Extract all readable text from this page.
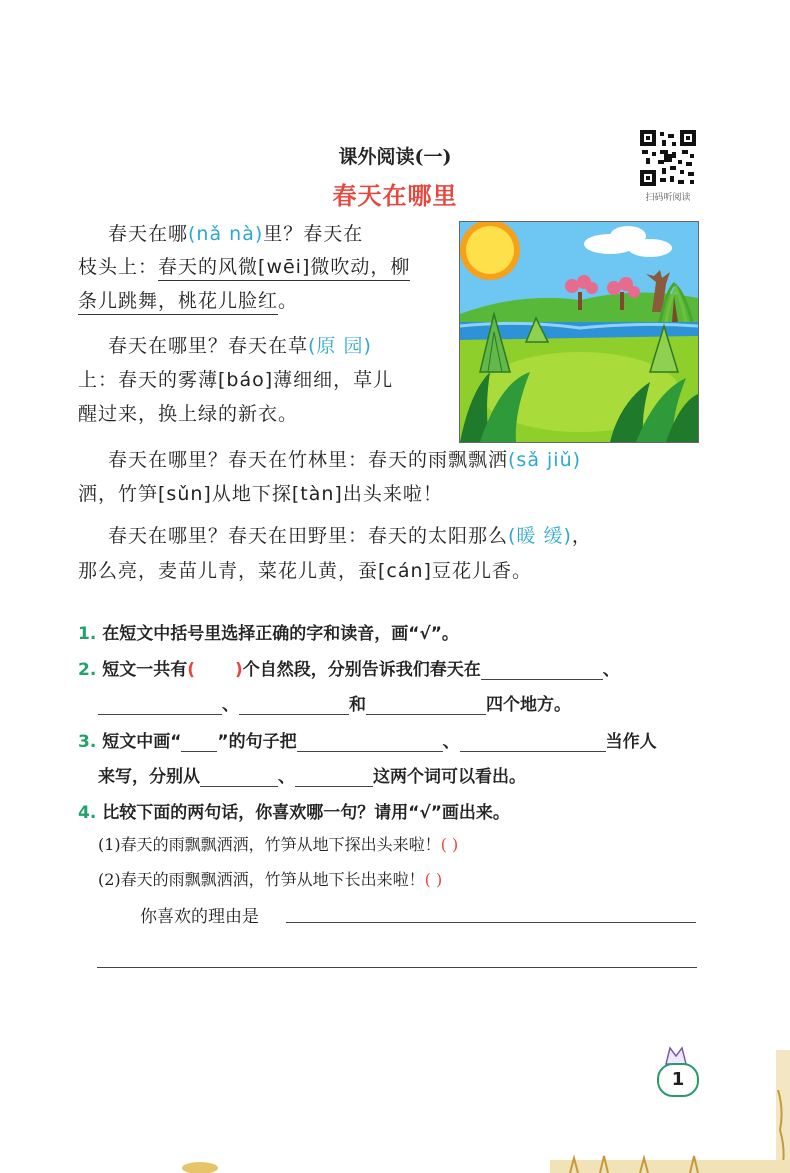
课外阅读(一)
春天在哪里	扫码听阅读
春天在哪(nǎ nà)里？春天在
枝头上：春天的风微[wēi]微吹动，柳
条儿跳舞，桃花儿脸红。
春天在哪里？春天在草(原 园)
上：春天的雾薄[báo]薄细细，草儿
醒过来，换上绿的新衣。
春天在哪里？春天在竹林里：春天的雨飘飘洒(sǎ jiǔ)
洒，竹笋[sǔn]从地下探[tàn]出头来啦！
春天在哪里？春天在田野里：春天的太阳那么(暖 缓)，
那么亮，麦苗儿青，菜花儿黄，蚕[cán]豆花儿香。
1. 在短文中括号里选择正确的字和读音，画“√”。
2. 短文一共有( )个自然段，分别告诉我们春天在	、
、	和	四个地方。
3. 短文中画“ ”的句子把	、	当作人
来写，分别从	、	这两个词可以看出。
4. 比较下面的两句话，你喜欢哪一句？请用“√”画出来。
(1)春天的雨飘飘洒洒，竹笋从地下探出头来啦！( )
(2)春天的雨飘飘洒洒，竹笋从地下长出来啦！( )
你喜欢的理由是
1
